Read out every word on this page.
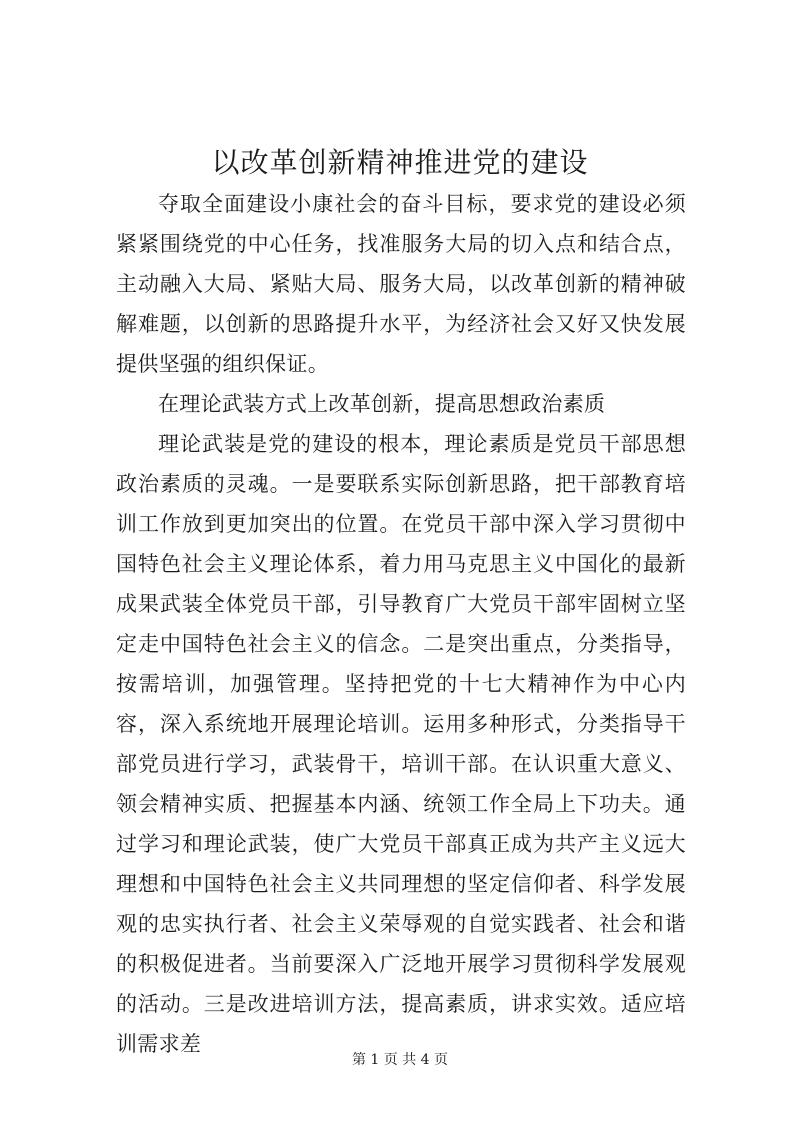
以改革创新精神推进党的建设

夺取全面建设小康社会的奋斗目标，要求党的建设必须紧紧围绕党的中心任务，找准服务大局的切入点和结合点，主动融入大局、紧贴大局、服务大局，以改革创新的精神破解难题，以创新的思路提升水平，为经济社会又好又快发展提供坚强的组织保证。

在理论武装方式上改革创新，提高思想政治素质

理论武装是党的建设的根本，理论素质是党员干部思想政治素质的灵魂。一是要联系实际创新思路，把干部教育培训工作放到更加突出的位置。在党员干部中深入学习贯彻中国特色社会主义理论体系，着力用马克思主义中国化的最新成果武装全体党员干部，引导教育广大党员干部牢固树立坚定走中国特色社会主义的信念。二是突出重点，分类指导，按需培训，加强管理。坚持把党的十七大精神作为中心内容，深入系统地开展理论培训。运用多种形式，分类指导干部党员进行学习，武装骨干，培训干部。在认识重大意义、领会精神实质、把握基本内涵、统领工作全局上下功夫。通过学习和理论武装，使广大党员干部真正成为共产主义远大理想和中国特色社会主义共同理想的坚定信仰者、科学发展观的忠实执行者、社会主义荣辱观的自觉实践者、社会和谐的积极促进者。当前要深入广泛地开展学习贯彻科学发展观的活动。三是改进培训方法，提高素质，讲求实效。适应培训需求差

第 1 页 共 4 页
